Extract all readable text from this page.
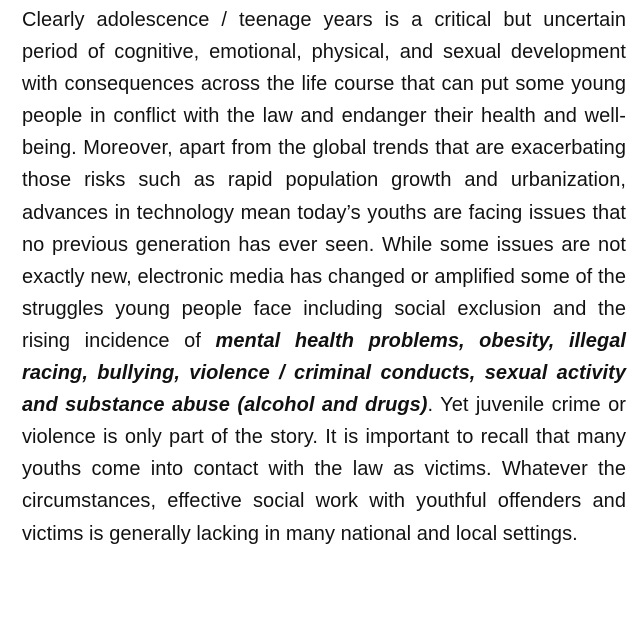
Clearly adolescence / teenage years is a critical but uncertain period of cognitive, emotional, physical, and sexual development with consequences across the life course that can put some young people in conflict with the law and endanger their health and well-being. Moreover, apart from the global trends that are exacerbating those risks such as rapid population growth and urbanization, advances in technology mean today’s youths are facing issues that no previous generation has ever seen. While some issues are not exactly new, electronic media has changed or amplified some of the struggles young people face including social exclusion and the rising incidence of mental health problems, obesity, illegal racing, bullying, violence / criminal conducts, sexual activity and substance abuse (alcohol and drugs). Yet juvenile crime or violence is only part of the story. It is important to recall that many youths come into contact with the law as victims. Whatever the circumstances, effective social work with youthful offenders and victims is generally lacking in many national and local settings.
